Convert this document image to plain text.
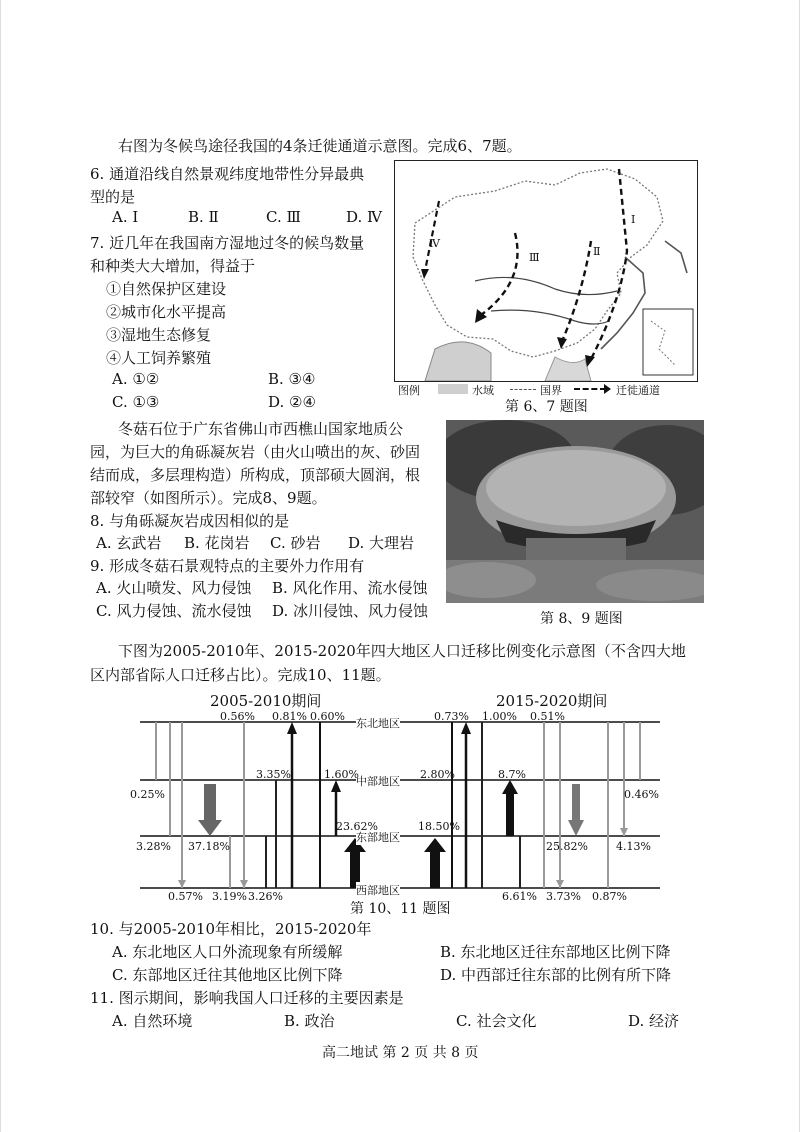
右图为冬候鸟途径我国的4条迁徙通道示意图。完成6、7题。
6. 通道沿线自然景观纬度地带性分异最典
型的是
A. Ⅰ	B. Ⅱ	C. Ⅲ	D. Ⅳ
7. 近几年在我国南方湿地过冬的候鸟数量
和种类大大增加，得益于
①自然保护区建设
②城市化水平提高
③湿地生态修复
④人工饲养繁殖
A. ①②	B. ③④
C. ①③	D. ②④
Ⅳ
Ⅲ	Ⅱ
Ⅰ
图例	水域	国界	迁徙通道
第 6、7 题图
冬菇石位于广东省佛山市西樵山国家地质公
园，为巨大的角砾凝灰岩（由火山喷出的灰、砂固
结而成，多层理构造）所构成，顶部硕大圆润，根
部较窄（如图所示）。完成8、9题。
8. 与角砾凝灰岩成因相似的是
A. 玄武岩 B. 花岗岩 C. 砂岩 D. 大理岩
9. 形成冬菇石景观特点的主要外力作用有
A. 火山喷发、风力侵蚀 B. 风化作用、流水侵蚀
C. 风力侵蚀、流水侵蚀 D. 冰川侵蚀、风力侵蚀	第 8、9 题图
下图为2005-2010年、2015-2020年四大地区人口迁移比例变化示意图（不含四大地
区内部省际人口迁移占比）。完成10、11题。
2005-2010期间	2015-2020期间
东北地区
中部地区
东部地区
西部地区
0.56% 0.81% 0.60%
3.35%	1.60%
0.25%
3.28% 37.18%
23.62%
0.57% 3.19% 3.26%
0.73% 1.00% 0.51%
2.80%	8.7%
0.46%
18.50%
25.82%	4.13%
6.61% 3.73% 0.87%
第 10、11 题图
10. 与2005-2010年相比，2015-2020年
A. 东北地区人口外流现象有所缓解	B. 东北地区迁往东部地区比例下降
C. 东部地区迁往其他地区比例下降	D. 中西部迁往东部的比例有所下降
11. 图示期间，影响我国人口迁移的主要因素是
A. 自然环境	B. 政治	C. 社会文化	D. 经济
高二地试 第 2 页 共 8 页
